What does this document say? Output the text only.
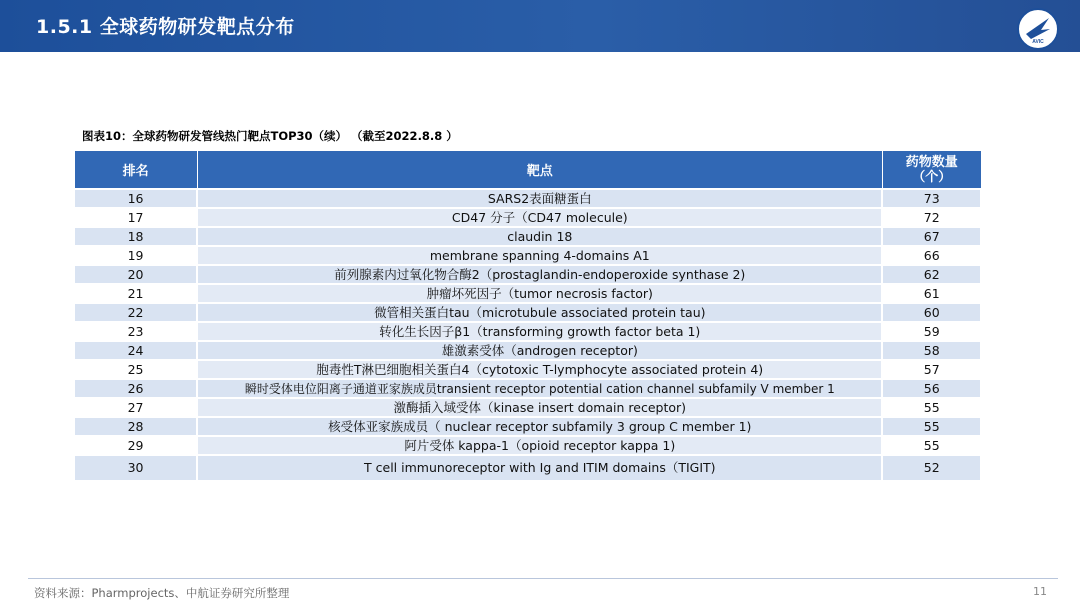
1.5.1 全球药物研发靶点分布
AVIC
图表10：全球药物研发管线热门靶点TOP30（续） （截至2022.8.8 ）
排名	靶点	药物数量
（个）

16	SARS2表面糖蛋白	73
17	CD47 分子（CD47 molecule)	72
18	claudin 18	67
19	membrane spanning 4-domains A1	66
20	前列腺素内过氧化物合酶2（prostaglandin-endoperoxide synthase 2)	62
21	肿瘤坏死因子（tumor necrosis factor)	61
22	微管相关蛋白tau（microtubule associated protein tau)	60
23	转化生长因子β1（transforming growth factor beta 1)	59
24	雄激素受体（androgen receptor)	58
25	胞毒性T淋巴细胞相关蛋白4（cytotoxic T-lymphocyte associated protein 4)	57
26	瞬时受体电位阳离子通道亚家族成员transient receptor potential cation channel subfamily V member 1	56
27	激酶插入域受体（kinase insert domain receptor)	55
28	核受体亚家族成员（ nuclear receptor subfamily 3 group C member 1)	55
29	阿片受体 kappa-1（opioid receptor kappa 1)	55
30	T cell immunoreceptor with Ig and ITIM domains（TIGIT)	52
资料来源：Pharmprojects、中航证券研究所整理	11
